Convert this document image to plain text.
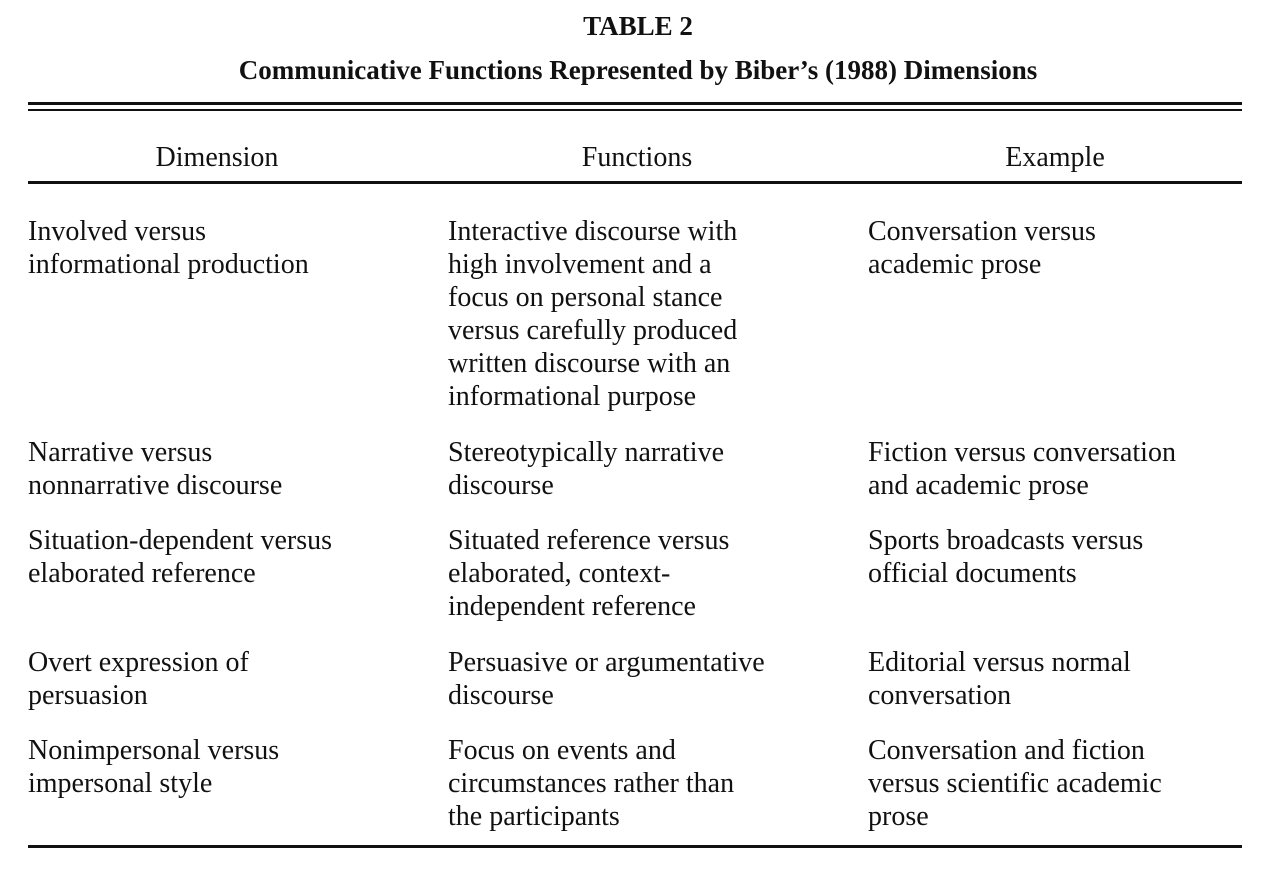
TABLE 2
Communicative Functions Represented by Biber’s (1988) Dimensions
Dimension	Functions	Example
Involved versus
informational production
Interactive discourse with
high involvement and a
focus on personal stance
versus carefully produced
written discourse with an
informational purpose
Conversation versus
academic prose
Narrative versus
nonnarrative discourse
Stereotypically narrative
discourse
Fiction versus conversation
and academic prose
Situation-dependent versus
elaborated reference
Situated reference versus
elaborated, context-
independent reference
Sports broadcasts versus
official documents
Overt expression of
persuasion
Persuasive or argumentative
discourse
Editorial versus normal
conversation
Nonimpersonal versus
impersonal style
Focus on events and
circumstances rather than
the participants
Conversation and fiction
versus scientific academic
prose
